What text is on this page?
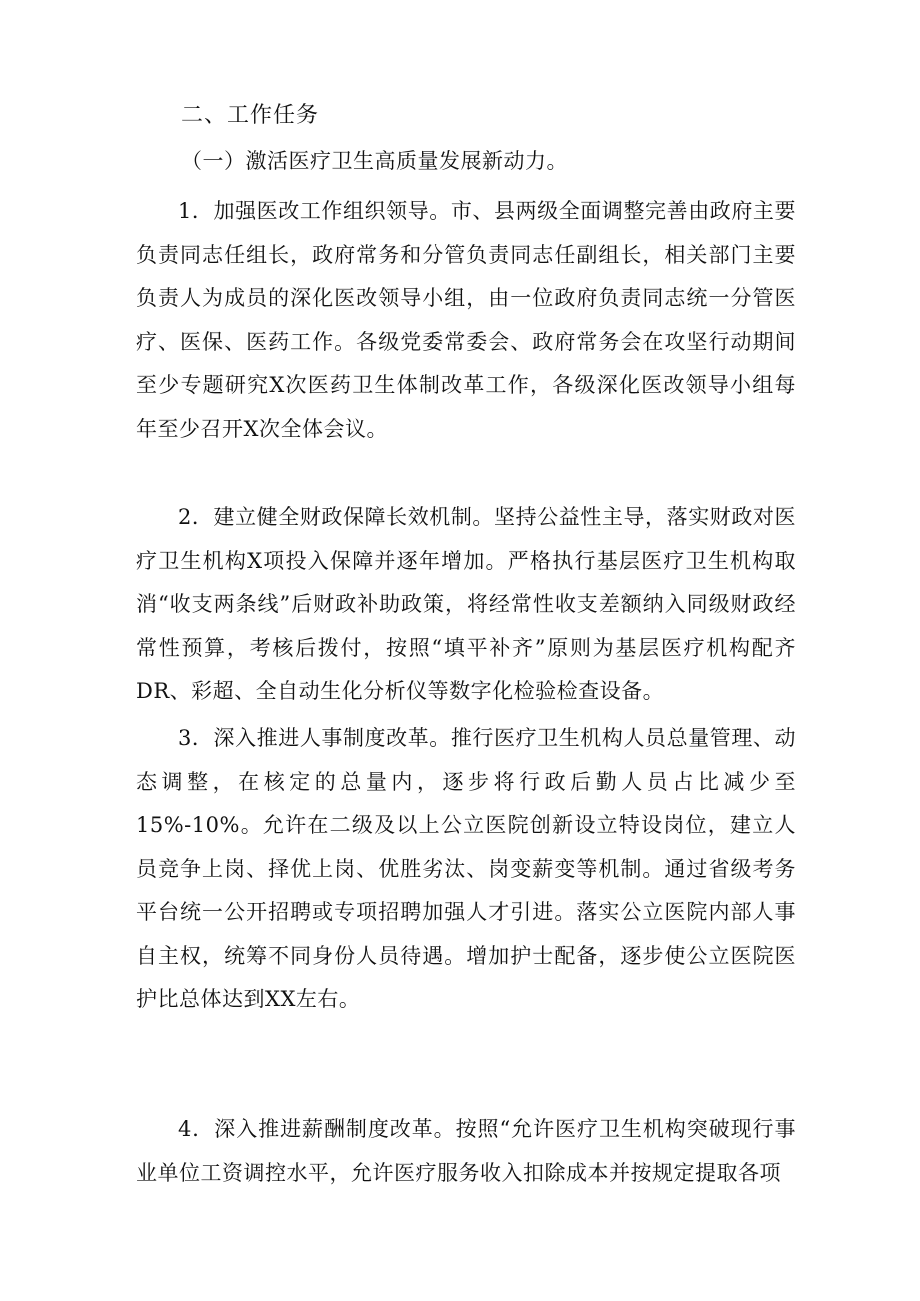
二、工作任务
（一）激活医疗卫生高质量发展新动力。

1．加强医改工作组织领导。市、县两级全面调整完善由政府主要负责同志任组长，政府常务和分管负责同志任副组长，相关部门主要负责人为成员的深化医改领导小组，由一位政府负责同志统一分管医疗、医保、医药工作。各级党委常委会、政府常务会在攻坚行动期间至少专题研究X次医药卫生体制改革工作，各级深化医改领导小组每年至少召开X次全体会议。

2．建立健全财政保障长效机制。坚持公益性主导，落实财政对医疗卫生机构X项投入保障并逐年增加。严格执行基层医疗卫生机构取消“收支两条线”后财政补助政策，将经常性收支差额纳入同级财政经常性预算，考核后拨付，按照“填平补齐”原则为基层医疗机构配齐DR、彩超、全自动生化分析仪等数字化检验检查设备。

3．深入推进人事制度改革。推行医疗卫生机构人员总量管理、动态调整，在核定的总量内，逐步将行政后勤人员占比减少至15%-10%。允许在二级及以上公立医院创新设立特设岗位，建立人员竞争上岗、择优上岗、优胜劣汰、岗变薪变等机制。通过省级考务平台统一公开招聘或专项招聘加强人才引进。落实公立医院内部人事自主权，统筹不同身份人员待遇。增加护士配备，逐步使公立医院医护比总体达到XX左右。

4．深入推进薪酬制度改革。按照“允许医疗卫生机构突破现行事业单位工资调控水平，允许医疗服务收入扣除成本并按规定提取各项
